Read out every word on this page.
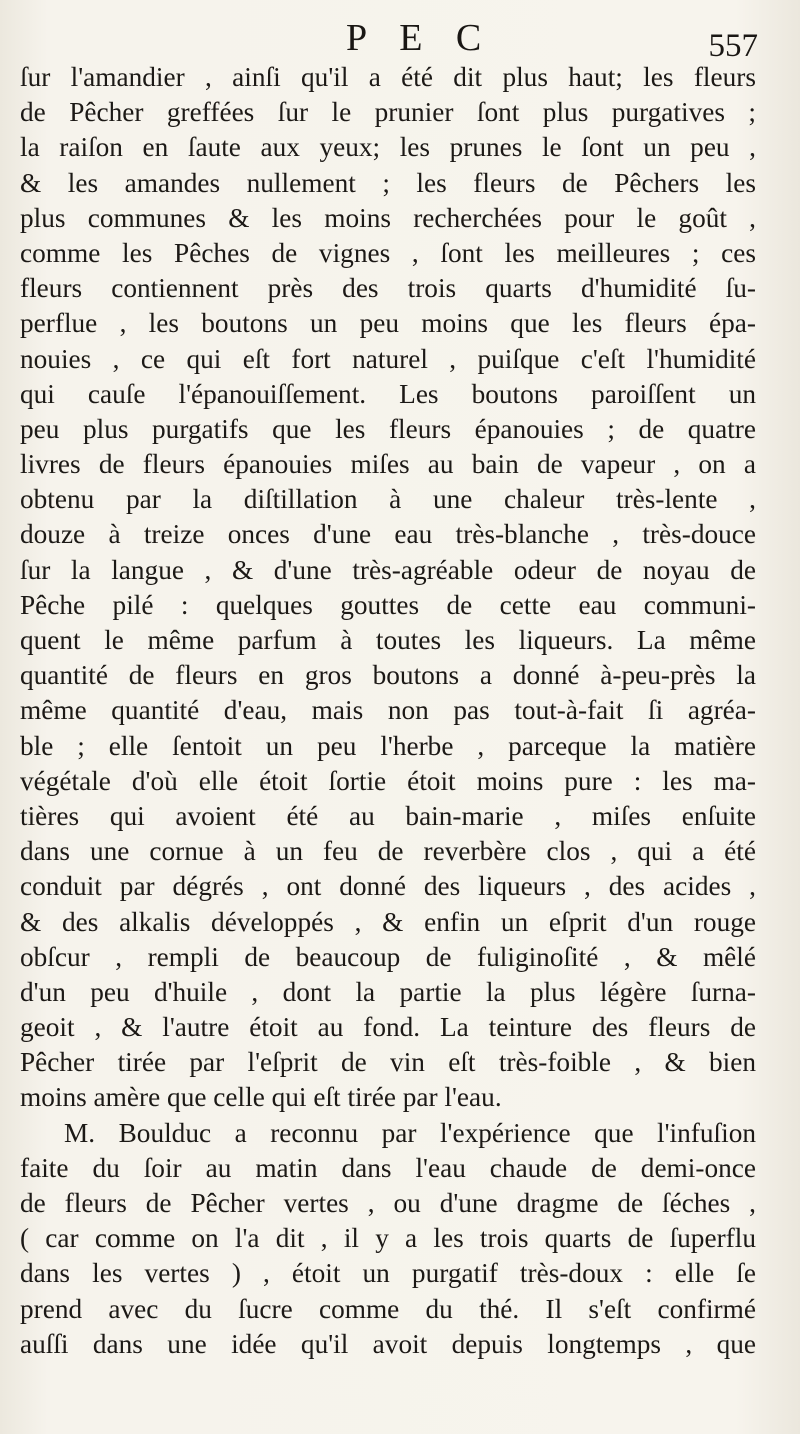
P E C	557
ſur l'amandier , ainſi qu'il a été dit plus haut; les fleurs
de Pêcher greffées ſur le prunier ſont plus purgatives ;
la raiſon en ſaute aux yeux; les prunes le ſont un peu ,
& les amandes nullement ; les fleurs de Pêchers les
plus communes & les moins recherchées pour le goût ,
comme les Pêches de vignes , ſont les meilleures ; ces
fleurs contiennent près des trois quarts d'humidité ſu-
perflue , les boutons un peu moins que les fleurs épa-
nouies , ce qui eſt fort naturel , puiſque c'eſt l'humidité
qui cauſe l'épanouiſſement. Les boutons paroiſſent un
peu plus purgatifs que les fleurs épanouies ; de quatre
livres de fleurs épanouies miſes au bain de vapeur , on a
obtenu par la diſtillation à une chaleur très-lente ,
douze à treize onces d'une eau très-blanche , très-douce
ſur la langue , & d'une très-agréable odeur de noyau de
Pêche pilé : quelques gouttes de cette eau communi-
quent le même parfum à toutes les liqueurs. La même
quantité de fleurs en gros boutons a donné à-peu-près la
même quantité d'eau, mais non pas tout-à-fait ſi agréa-
ble ; elle ſentoit un peu l'herbe , parceque la matière
végétale d'où elle étoit ſortie étoit moins pure : les ma-
tières qui avoient été au bain-marie , miſes enſuite
dans une cornue à un feu de reverbère clos , qui a été
conduit par dégrés , ont donné des liqueurs , des acides ,
& des alkalis développés , & enfin un eſprit d'un rouge
obſcur , rempli de beaucoup de fuliginoſité , & mêlé
d'un peu d'huile , dont la partie la plus légère ſurna-
geoit , & l'autre étoit au fond. La teinture des fleurs de
Pêcher tirée par l'eſprit de vin eſt très-foible , & bien
moins amère que celle qui eſt tirée par l'eau.
M. Boulduc a reconnu par l'expérience que l'infuſion
faite du ſoir au matin dans l'eau chaude de demi-once
de fleurs de Pêcher vertes , ou d'une dragme de ſéches ,
( car comme on l'a dit , il y a les trois quarts de ſuperflu
dans les vertes ) , étoit un purgatif très-doux : elle ſe
prend avec du ſucre comme du thé. Il s'eſt confirmé
auſſi dans une idée qu'il avoit depuis longtemps , que
